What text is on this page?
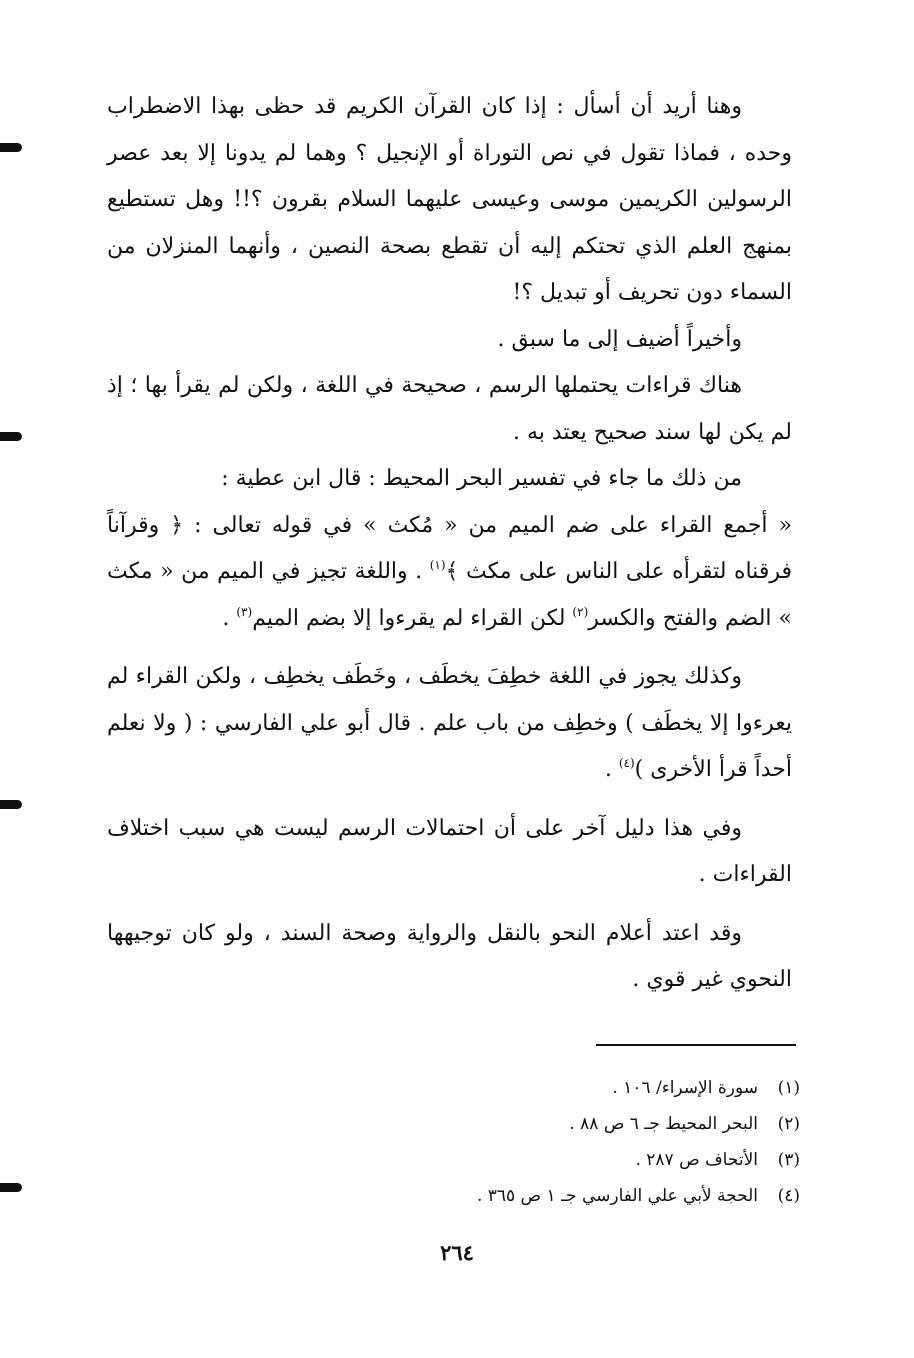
وهنا أريد أن أسأل : إذا كان القرآن الكريم قد حظى بهذا الاضطراب وحده ، فماذا تقول في نص التوراة أو الإنجيل ؟ وهما لم يدونا إلا بعد عصر الرسولين الكريمين موسى وعيسى عليهما السلام بقرون ؟!! وهل تستطيع بمنهج العلم الذي تحتكم إليه أن تقطع بصحة النصين ، وأنهما المنزلان من السماء دون تحريف أو تبديل ؟!

وأخيراً أضيف إلى ما سبق .

هناك قراءات يحتملها الرسم ، صحيحة في اللغة ، ولكن لم يقرأ بها ؛ إذ لم يكن لها سند صحيح يعتد به .

من ذلك ما جاء في تفسير البحر المحيط : قال ابن عطية :

« أجمع القراء على ضم الميم من « مُكث » في قوله تعالى : ﴿ وقرآناً فرقناه لتقرأه على الناس على مكث ﴾$^{(١)}$ . واللغة تجيز في الميم من « مكث » الضم والفتح والكسر$^{(٢)}$ لكن القراء لم يقرءوا إلا بضم الميم$^{(٣)}$ .

وكذلك يجوز في اللغة خطِفَ يخطَف ، وخَطَف يخطِف ، ولكن القراء لم يعرءوا إلا يخطَف ) وخطِف من باب علم . قال أبو علي الفارسي : ( ولا نعلم أحداً قرأ الأخرى )$^{(٤)}$ .

وفي هذا دليل آخر على أن احتمالات الرسم ليست هي سبب اختلاف القراءات .

وقد اعتد أعلام النحو بالنقل والرواية وصحة السند ، ولو كان توجيهها النحوي غير قوي .

(١)
سورة الإسراء/ ١٠٦ .
(٢)
البحر المحيط جـ ٦ ص ٨٨ .
(٣)
الأتحاف ص ٢٨٧ .
(٤)
الحجة لأبي علي الفارسي جـ ١ ص ٣٦٥ .
٢٦٤
